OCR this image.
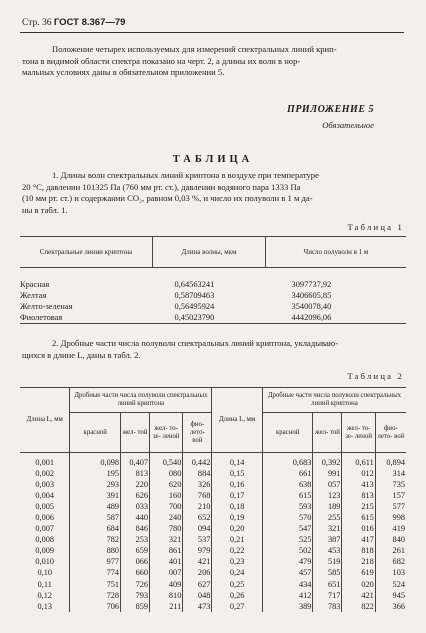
Стр. 36 ГОСТ 8.367—79
Положение четырех используемых для измерений спектральных линий крип-
тона в видимой области спектра показано на черт. 2, а длины их волн в нор-
мальных условиях даны в обязательном приложении 5.
ПРИЛОЖЕНИЕ 5
Обязательное
ТАБЛИЦА
1. Длины волн спектральных линий криптона в воздухе при температуре
20 °С, давлении 101325 Па (760 мм рт. ст.), давлении водяного пара 1333 Па
(10 мм рт. ст.) и содержании CO₂, равном 0,03 %, и число их полуволн в 1 м да-
ны в табл. 1.
Таблица 1
Спектральные линии криптона	Длина волны, мкм	Число полуволн в 1 м

Красная	0,64563241	3097737,92
Желтая	0,58709463	3406605,85
Желто-зеленая	0,56495924	3540078,40
Фиолетовая	0,45023790	4442096,06
2. Дробные части числа полуволн спектральных линий криптона, укладываю-
щихся в длине L, даны в табл. 2.
Таблица 2
Длина L, мм	Дробные части числа полуволн спектральных линий криптона				Длина L, мм	Дробные части числа полуволн спектральных линий криптона			
	красной	жел- той	жел- то-зе- леной	фио- лето- вой		красной	жел- той	жел- то-зе- леной	фио- лето- вой

0,001	0,098	0,407	0,540	0,442	0,14	0,683	0,392	0,611	0,894
0,002	195	813	080	884	0,15	661	991	012	314
0,003	293	220	620	326	0,16	638	057	413	735
0,004	391	626	160	768	0,17	615	123	813	157
0,005	489	033	700	210	0,18	593	189	215	577
0,006	587	440	240	652	0,19	570	255	615	998
0,007	684	846	780	094	0,20	547	321	016	419
0,008	782	253	321	537	0,21	525	387	417	840
0,009	880	659	861	979	0,22	502	453	818	261
0,010	977	066	401	421	0,23	479	519	218	682
0,10	774	660	007	206	0,24	457	585	619	103
0,11	751	726	409	627	0,25	434	651	020	524
0,12	728	793	810	048	0,26	412	717	421	945
0,13	706	859	211	473	0,27	389	783	822	366
